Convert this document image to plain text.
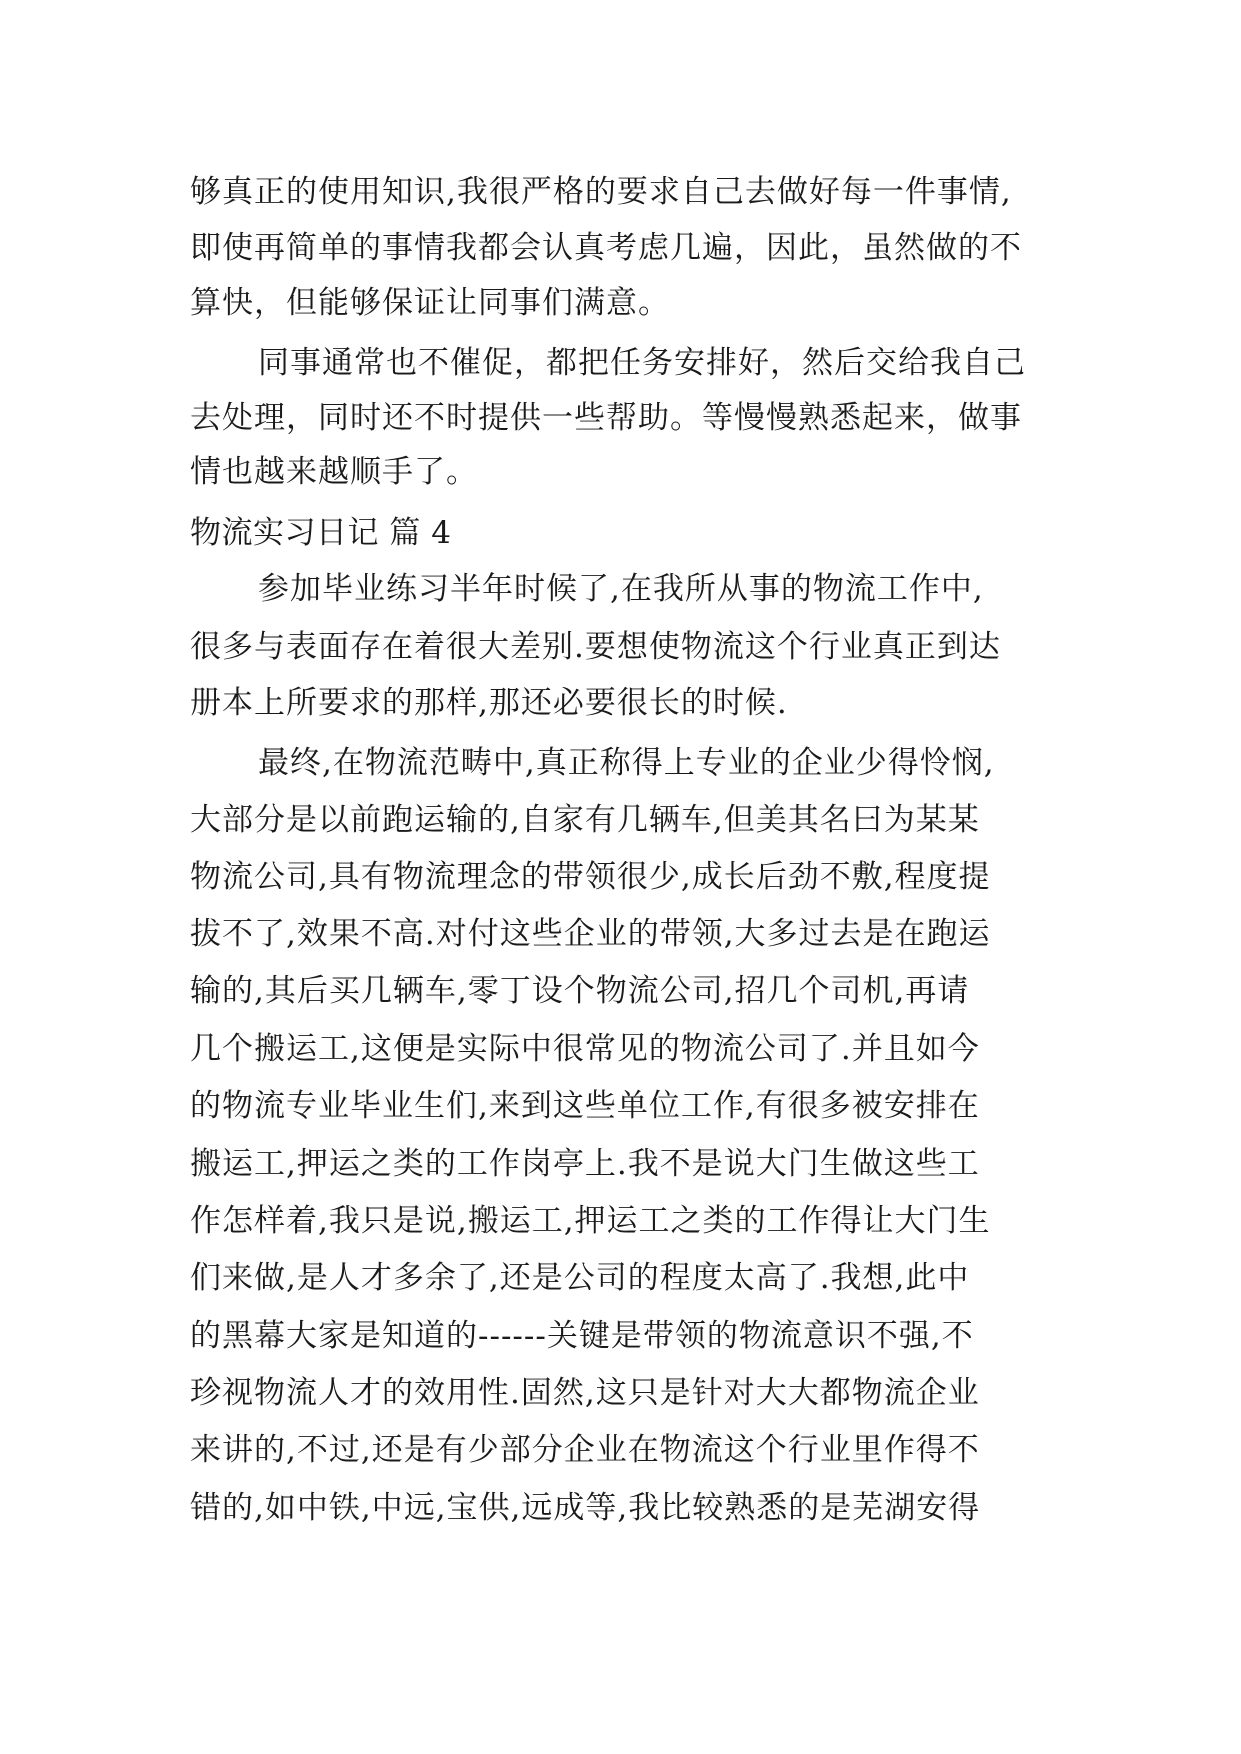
够真正的使用知识,我很严格的要求自己去做好每一件事情,
即使再简单的事情我都会认真考虑几遍，因此，虽然做的不
算快，但能够保证让同事们满意。
同事通常也不催促，都把任务安排好，然后交给我自己
去处理，同时还不时提供一些帮助。等慢慢熟悉起来，做事
情也越来越顺手了。
物流实习日记 篇 4
参加毕业练习半年时候了,在我所从事的物流工作中,
很多与表面存在着很大差别.要想使物流这个行业真正到达
册本上所要求的那样,那还必要很长的时候.
最终,在物流范畴中,真正称得上专业的企业少得怜悯,
大部分是以前跑运输的,自家有几辆车,但美其名曰为某某
物流公司,具有物流理念的带领很少,成长后劲不敷,程度提
拔不了,效果不高.对付这些企业的带领,大多过去是在跑运
输的,其后买几辆车,零丁设个物流公司,招几个司机,再请
几个搬运工,这便是实际中很常见的物流公司了.并且如今
的物流专业毕业生们,来到这些单位工作,有很多被安排在
搬运工,押运之类的工作岗亭上.我不是说大门生做这些工
作怎样着,我只是说,搬运工,押运工之类的工作得让大门生
们来做,是人才多余了,还是公司的程度太高了.我想,此中
的黑幕大家是知道的------关键是带领的物流意识不强,不
珍视物流人才的效用性.固然,这只是针对大大都物流企业
来讲的,不过,还是有少部分企业在物流这个行业里作得不
错的,如中铁,中远,宝供,远成等,我比较熟悉的是芜湖安得
